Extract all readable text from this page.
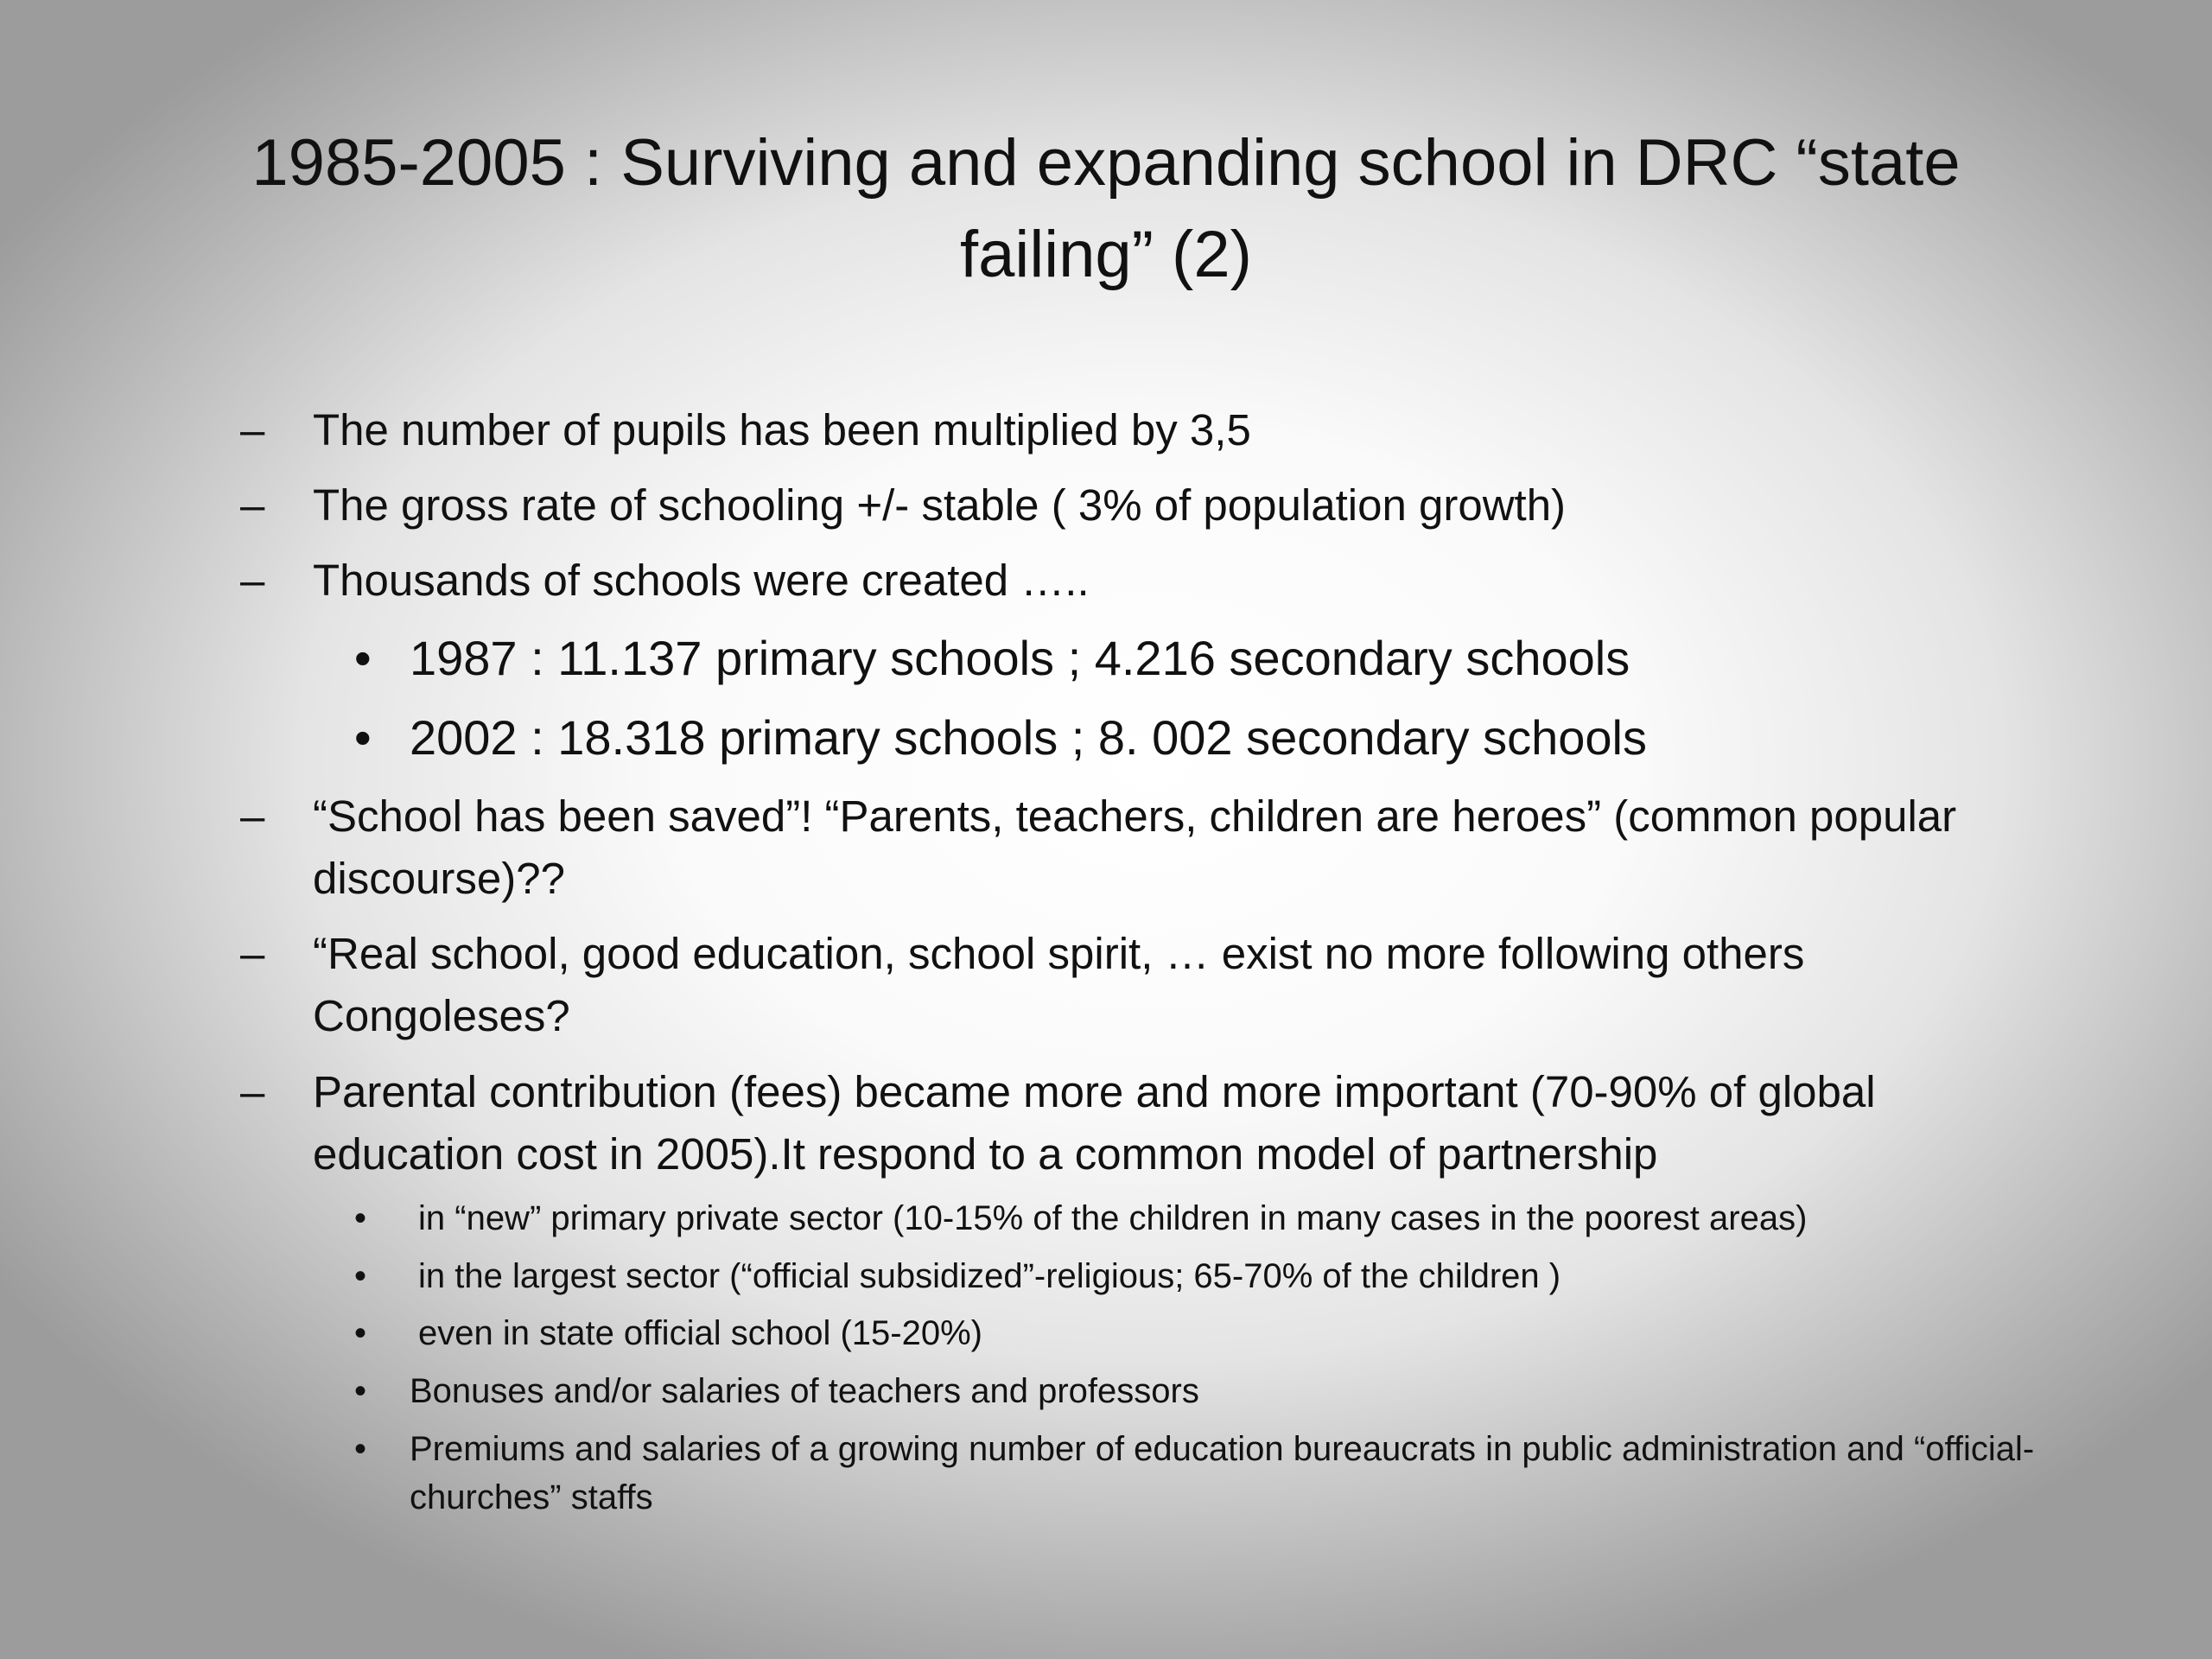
1985-2005 : Surviving and expanding school in DRC “state failing” (2)
–	The number of pupils has been multiplied by 3,5
–	The gross rate of schooling +/- stable ( 3% of population growth)
–	Thousands of schools were created …..
• 1987 : 11.137 primary schools ; 4.216 secondary schools
• 2002 : 18.318 primary schools ; 8. 002 secondary schools
–	“School has been saved”! “Parents, teachers, children are heroes” (common popular discourse)??
–	“Real school, good education, school spirit, … exist no more following others Congoleses?
–	Parental contribution (fees) became more and more important (70-90% of global education cost in 2005).It respond to a common model of partnership
•	in “new” primary private sector (10-15% of the children in many cases in the poorest areas)
•	in the largest sector (“official subsidized”-religious; 65-70% of the children )
•	even in state official school (15-20%)
•	Bonuses and/or salaries of teachers and professors
•	Premiums and salaries of a growing number of education bureaucrats in public administration and “official-churches” staffs
